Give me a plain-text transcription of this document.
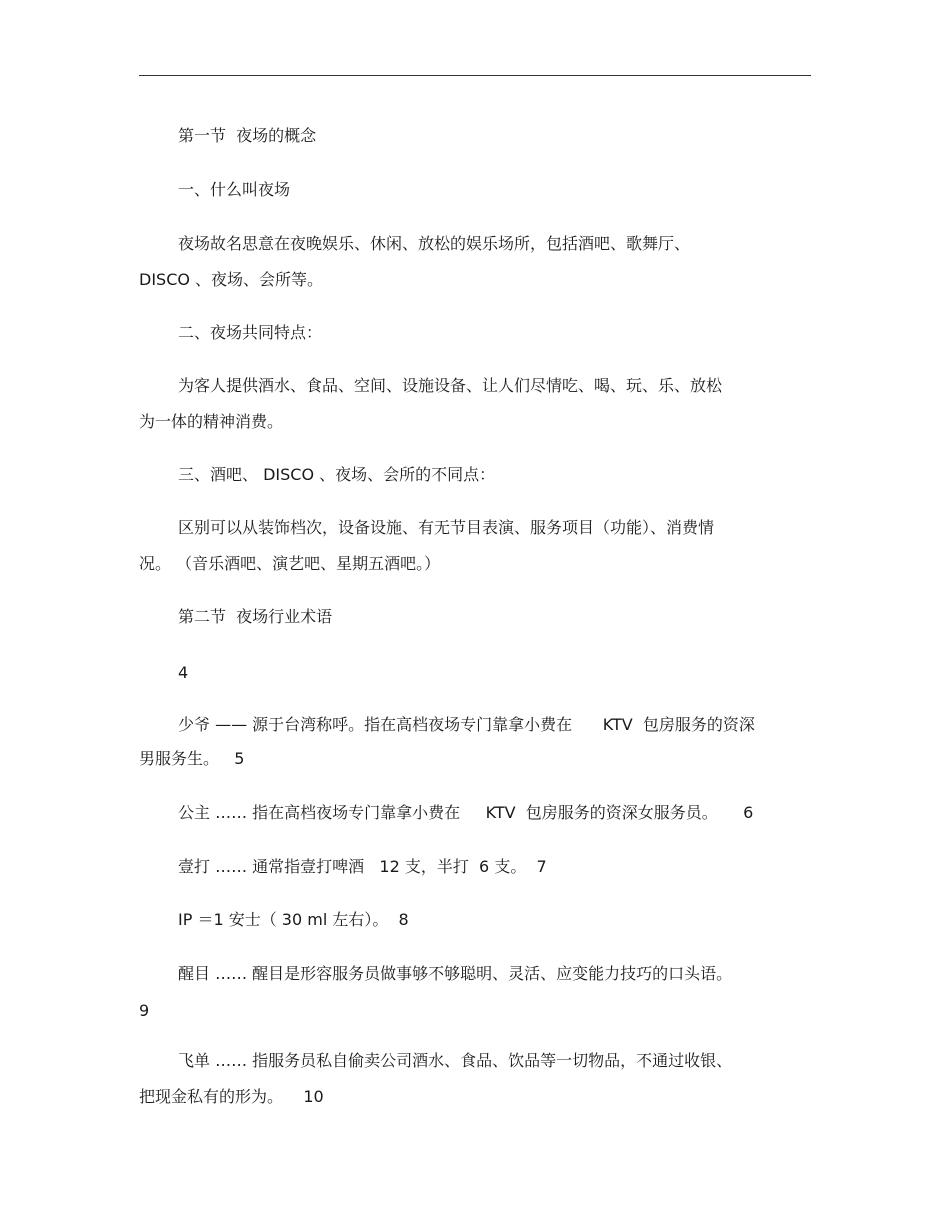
第一节  夜场的概念
一、什么叫夜场
夜场故名思意在夜晚娱乐、休闲、放松的娱乐场所，包括酒吧、歌舞厅、
DISCO 、夜场、会所等。
二、夜场共同特点：
为客人提供酒水、食品、空间、设施设备、让人们尽情吃、喝、玩、乐、放松
为一体的精神消费。
三、酒吧、 DISCO 、夜场、会所的不同点：
区别可以从装饰档次，设备设施、有无节目表演、服务项目（功能）、消费情
况。 （音乐酒吧、演艺吧、星期五酒吧。）
第二节  夜场行业术语
4
少爷 —— 源于台湾称呼。指在高档夜场专门靠拿小费在      KTV  包房服务的资深
男服务生。   5
公主 …… 指在高档夜场专门靠拿小费在     KTV  包房服务的资深女服务员。     6
壹打 …… 通常指壹打啤酒   12 支，半打  6 支。  7
IP ＝1 安士（ 30 ml 左右）。  8
醒目 …… 醒目是形容服务员做事够不够聪明、灵活、应变能力技巧的口头语。
9
飞单 …… 指服务员私自偷卖公司酒水、食品、饮品等一切物品，不通过收银、
把现金私有的形为。    10
